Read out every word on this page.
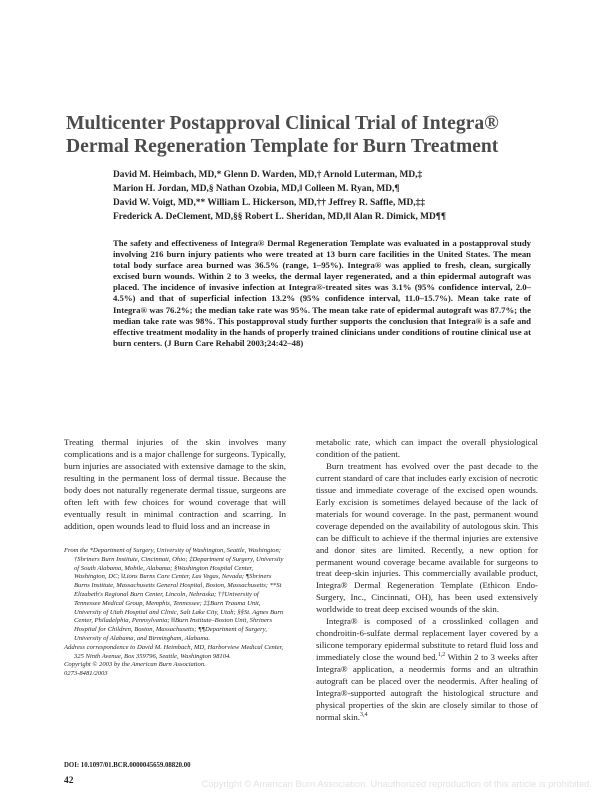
Multicenter Postapproval Clinical Trial of Integra® Dermal Regeneration Template for Burn Treatment
David M. Heimbach, MD,* Glenn D. Warden, MD,† Arnold Luterman, MD,‡
Marion H. Jordan, MD,§ Nathan Ozobia, MD,‖ Colleen M. Ryan, MD,¶
David W. Voigt, MD,** William L. Hickerson, MD,†† Jeffrey R. Saffle, MD,‡‡
Frederick A. DeClement, MD,§§ Robert L. Sheridan, MD,‖‖ Alan R. Dimick, MD¶¶
The safety and effectiveness of Integra® Dermal Regeneration Template was evaluated in a postapproval study involving 216 burn injury patients who were treated at 13 burn care facilities in the United States. The mean total body surface area burned was 36.5% (range, 1–95%). Integra® was applied to fresh, clean, surgically excised burn wounds. Within 2 to 3 weeks, the dermal layer regenerated, and a thin epidermal autograft was placed. The incidence of invasive infection at Integra®-treated sites was 3.1% (95% confidence interval, 2.0–4.5%) and that of superficial infection 13.2% (95% confidence interval, 11.0–15.7%). Mean take rate of Integra® was 76.2%; the median take rate was 95%. The mean take rate of epidermal autograft was 87.7%; the median take rate was 98%. This postapproval study further supports the conclusion that Integra® is a safe and effective treatment modality in the hands of properly trained clinicians under conditions of routine clinical use at burn centers. (J Burn Care Rehabil 2003;24:42–48)

Treating thermal injuries of the skin involves many complications and is a major challenge for surgeons. Typically, burn injuries are associated with extensive damage to the skin, resulting in the permanent loss of dermal tissue. Because the body does not naturally regenerate dermal tissue, surgeons are often left with few choices for wound coverage that will eventually result in minimal contraction and scarring. In addition, open wounds lead to fluid loss and an increase in

metabolic rate, which can impact the overall physiological condition of the patient.

Burn treatment has evolved over the past decade to the current standard of care that includes early excision of necrotic tissue and immediate coverage of the excised open wounds. Early excision is sometimes delayed because of the lack of materials for wound coverage. In the past, permanent wound coverage depended on the availability of autologous skin. This can be difficult to achieve if the thermal injuries are extensive and donor sites are limited. Recently, a new option for permanent wound coverage became available for surgeons to treat deep-skin injuries. This commercially available product, Integra® Dermal Regeneration Template (Ethicon Endo-Surgery, Inc., Cincinnati, OH), has been used extensively worldwide to treat deep excised wounds of the skin.

Integra® is composed of a crosslinked collagen and chondroitin-6-sulfate dermal replacement layer covered by a silicone temporary epidermal substitute to retard fluid loss and immediately close the wound bed.$^{1,2}$ Within 2 to 3 weeks after Integra® application, a neodermis forms and an ultrathin autograft can be placed over the neodermis. After healing of Integra®-supported autograft the histological structure and physical properties of the skin are closely similar to those of normal skin.$^{3,4}$

From the *Department of Surgery, University of Washington, Seattle, Washington; †Shriners Burn Institute, Cincinnati, Ohio; ‡Department of Surgery, University of South Alabama, Mobile, Alabama; §Washington Hospital Center, Washington, DC; ‖Lions Burns Care Center, Las Vegas, Nevada; ¶Shriners Burns Institute, Massachusetts General Hospital, Boston, Massachusetts; **St Elizabeth's Regional Burn Center, Lincoln, Nebraska; ††University of Tennessee Medical Group, Memphis, Tennessee; ‡‡Burn Trauma Unit, University of Utah Hospital and Clinic, Salt Lake City, Utah; §§St. Agnes Burn Center, Philadelphia, Pennsylvania; ‖‖Burn Institute–Boston Unit, Shriners Hospital for Children, Boston, Massachusetts; ¶¶Department of Surgery, University of Alabama, and Birmingham, Alabama.
Address correspondence to David M. Heimbach, MD, Harborview Medical Center, 325 Ninth Avenue, Box 359796, Seattle, Washington 98104.
Copyright © 2003 by the American Burn Association.
0273-8481/2003
DOI: 10.1097/01.BCR.0000045659.08820.00
42	Copyright © American Burn Association. Unauthorized reproduction of this article is prohibited.
